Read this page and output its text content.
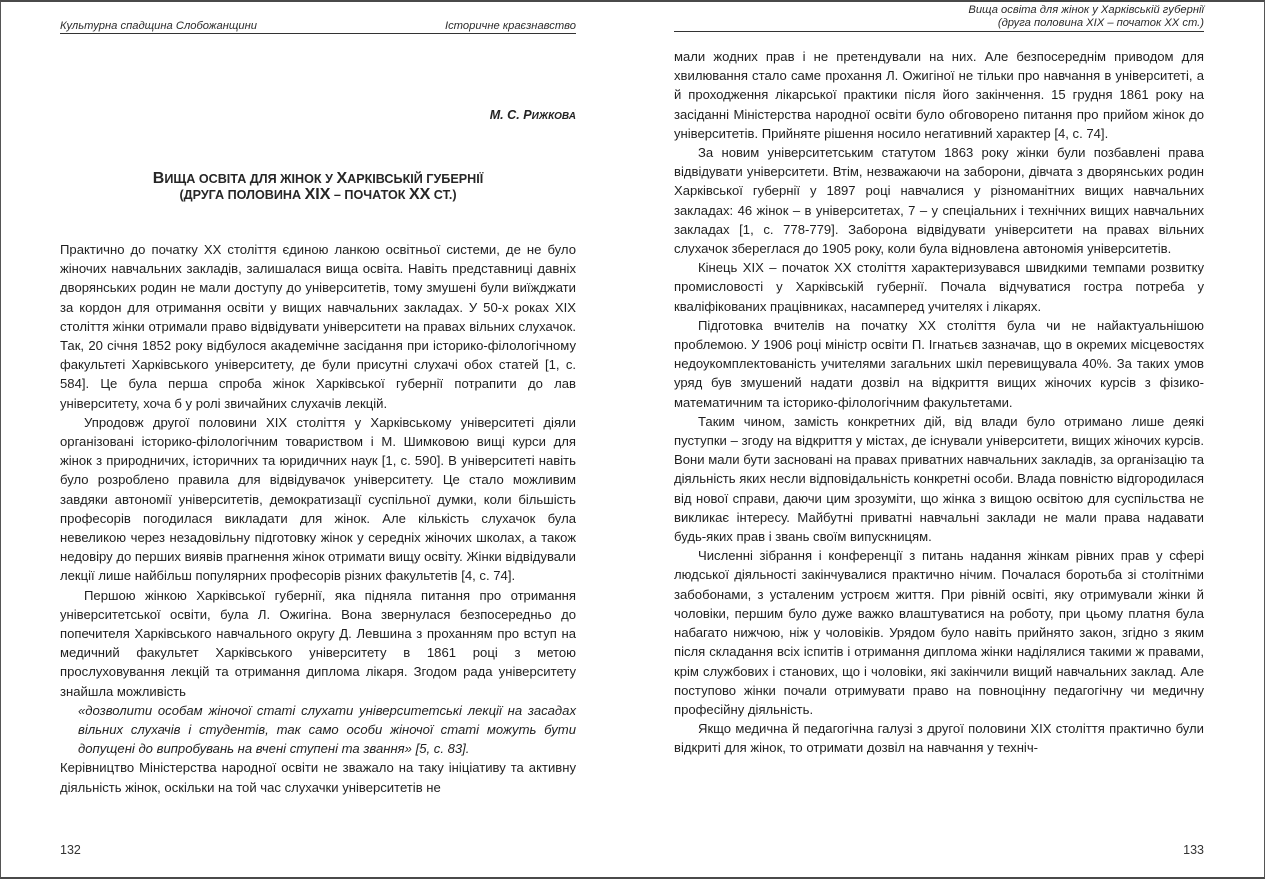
Культурна спадщина Слобожанщини	Історичне краєзнавство
М. С. РИЖКОВА
ВИЩА ОСВІТА ДЛЯ ЖІНОК У ХАРКІВСЬКІЙ ГУБЕРНІЇ
(ДРУГА ПОЛОВИНА XIX – ПОЧАТОК XX СТ.)

Практично до початку XX століття єдиною ланкою освітньої системи, де не було жіночих навчальних закладів, залишалася вища освіта. Навіть представниці давніх дворянських родин не мали доступу до університетів, тому змушені були виїжджати за кордон для отримання освіти у вищих навчальних закладах. У 50-х роках XIX століття жінки отримали право відвідувати університети на правах вільних слухачок. Так, 20 січня 1852 року відбулося академічне засідання при історико-філологічному факультеті Харківського університету, де були присутні слухачі обох статей [1, с. 584]. Це була перша спроба жінок Харківської губернії потрапити до лав університету, хоча б у ролі звичайних слухачів лекцій.

Упродовж другої половини XIX століття у Харківському університеті діяли організовані історико-філологічним товариством і М. Шимковою вищі курси для жінок з природничих, історичних та юридичних наук [1, с. 590]. В університеті навіть було розроблено правила для відвідувачок університету. Це стало можливим завдяки автономії університетів, демократизації суспільної думки, коли більшість професорів погодилася викладати для жінок. Але кількість слухачок була невеликою через незадовільну підготовку жінок у середніх жіночих школах, а також недовіру до перших виявів прагнення жінок отримати вищу освіту. Жінки відвідували лекції лише найбільш популярних професорів різних факультетів [4, с. 74].

Першою жінкою Харківської губернії, яка підняла питання про отримання університетської освіти, була Л. Ожигіна. Вона звернулася безпосередньо до попечителя Харківського навчального округу Д. Левшина з проханням про вступ на медичний факультет Харківського університету в 1861 році з метою прослуховування лекцій та отримання диплома лікаря. Згодом рада університету знайшла можливість

«дозволити особам жіночої статі слухати університетські лекції на засадах вільних слухачів і студентів, так само особи жіночої статі можуть бути допущені до випробувань на вчені ступені та звання» [5, с. 83].

Керівництво Міністерства народної освіти не зважало на таку ініціативу та активну діяльність жінок, оскільки на той час слухачки університетів не

132
Вища освіта для жінок у Харківській губернії
(друга половина XIX – початок XX ст.)

мали жодних прав і не претендували на них. Але безпосереднім приводом для хвилювання стало саме прохання Л. Ожигіної не тільки про навчання в університеті, а й проходження лікарської практики після його закінчення. 15 грудня 1861 року на засіданні Міністерства народної освіти було обговорено питання про прийом жінок до університетів. Прийняте рішення носило негативний характер [4, с. 74].

За новим університетським статутом 1863 року жінки були позбавлені права відвідувати університети. Втім, незважаючи на заборони, дівчата з дворянських родин Харківської губернії у 1897 році навчалися у різноманітних вищих навчальних закладах: 46 жінок – в університетах, 7 – у спеціальних і технічних вищих навчальних закладах [1, с. 778-779]. Заборона відвідувати університети на правах вільних слухачок збереглася до 1905 року, коли була відновлена автономія університетів.

Кінець XIX – початок XX століття характеризувався швидкими темпами розвитку промисловості у Харківській губернії. Почала відчуватися гостра потреба у кваліфікованих працівниках, насамперед учителях і лікарях.

Підготовка вчителів на початку XX століття була чи не найактуальнішою проблемою. У 1906 році міністр освіти П. Ігнатьєв зазначав, що в окремих місцевостях недоукомплектованість учителями загальних шкіл перевищувала 40%. За таких умов уряд був змушений надати дозвіл на відкриття вищих жіночих курсів з фізико-математичним та історико-філологічним факультетами.

Таким чином, замість конкретних дій, від влади було отримано лише деякі пуступки – згоду на відкриття у містах, де існували університети, вищих жіночих курсів. Вони мали бути засновані на правах приватних навчальних закладів, за організацію та діяльність яких несли відповідальність конкретні особи. Влада повністю відгородилася від нової справи, даючи цим зрозуміти, що жінка з вищою освітою для суспільства не викликає інтересу. Майбутні приватні навчальні заклади не мали права надавати будь-яких прав і звань своїм випускницям.

Численні зібрання і конференції з питань надання жінкам рівних прав у сфері людської діяльності закінчувалися практично нічим. Почалася боротьба зі столітніми забобонами, з усталеним устроєм життя. При рівній освіті, яку отримували жінки й чоловіки, першим було дуже важко влаштуватися на роботу, при цьому платня була набагато нижчою, ніж у чоловіків. Урядом було навіть прийнято закон, згідно з яким після складання всіх іспитів і отримання диплома жінки наділялися такими ж правами, крім службових і станових, що і чоловіки, які закінчили вищий навчальних заклад. Але поступово жінки почали отримувати право на повноцінну педагогічну чи медичну професійну діяльність.

Якщо медична й педагогічна галузі з другої половини XIX століття практично були відкриті для жінок, то отримати дозвіл на навчання у техніч-

133
